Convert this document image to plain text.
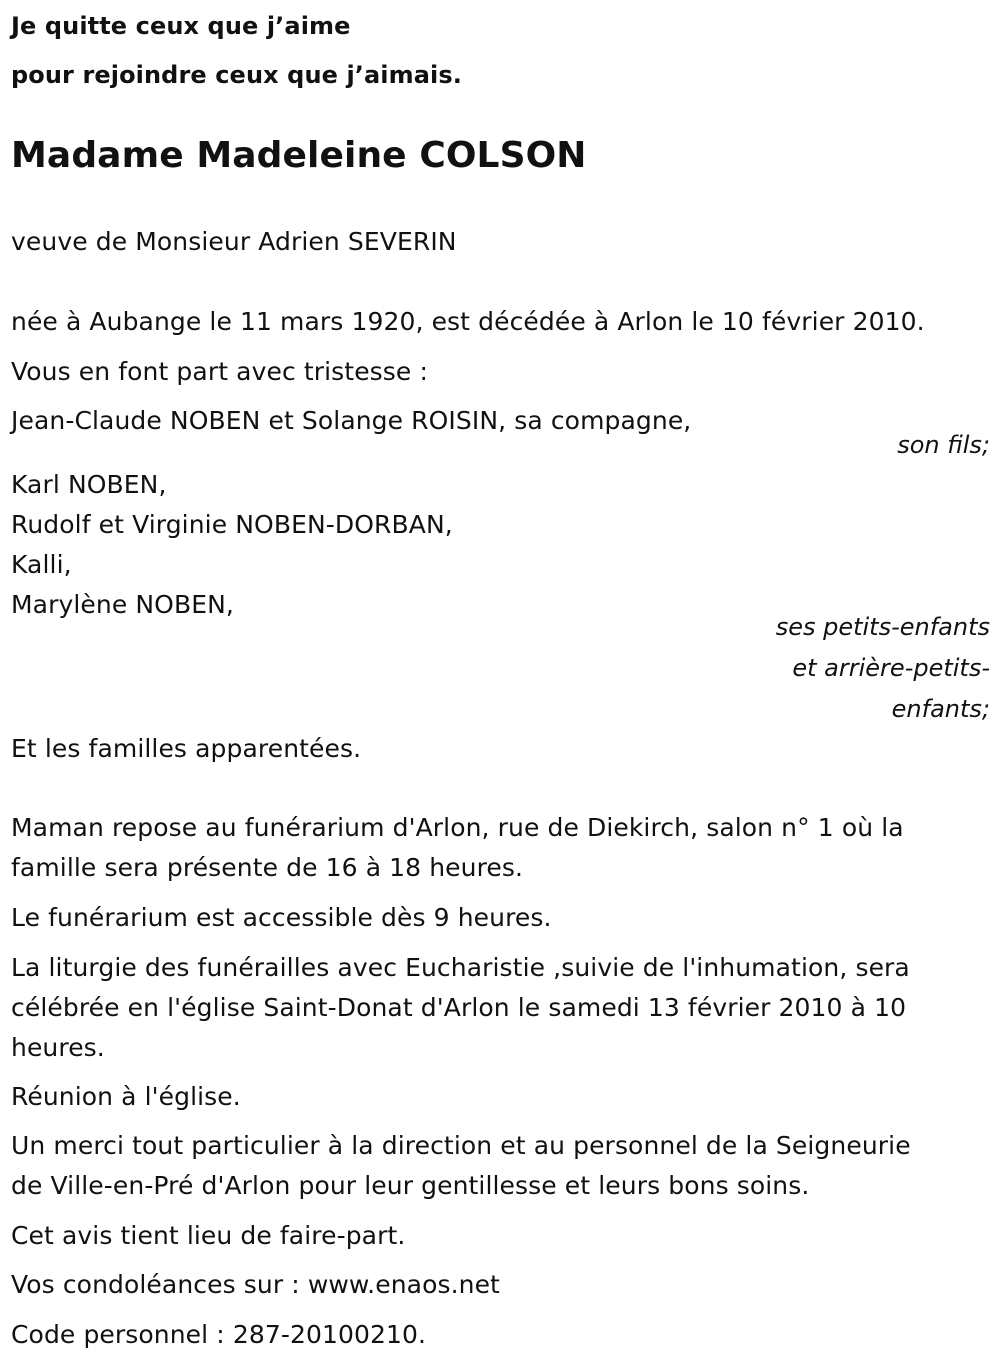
Je quitte ceux que j’aime

pour rejoindre ceux que j’aimais.

Madame Madeleine COLSON

veuve de Monsieur Adrien SEVERIN

née à Aubange le 11 mars 1920, est décédée à Arlon le 10 février 2010.

Vous en font part avec tristesse :

Jean-Claude NOBEN et Solange ROISIN, sa compagne,

son fils;

Karl NOBEN,

Rudolf et Virginie NOBEN-DORBAN,

Kalli,

Marylène NOBEN,

ses petits-enfants

et arrière-petits-

enfants;

Et les familles apparentées.

Maman repose au funérarium d'Arlon, rue de Diekirch, salon n° 1 où la

famille sera présente de 16 à 18 heures.

Le funérarium est accessible dès 9 heures.

La liturgie des funérailles avec Eucharistie ,suivie de l'inhumation, sera

célébrée en l'église Saint-Donat d'Arlon le samedi 13 février 2010 à 10

heures.

Réunion à l'église.

Un merci tout particulier à la direction et au personnel de la Seigneurie

de Ville-en-Pré d'Arlon pour leur gentillesse et leurs bons soins.

Cet avis tient lieu de faire-part.

Vos condoléances sur : www.enaos.net

Code personnel : 287-20100210.
